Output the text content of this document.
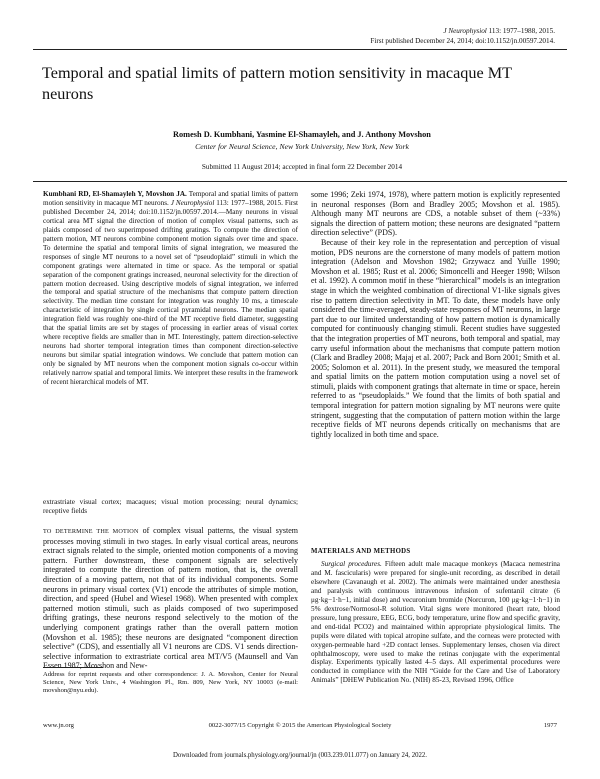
J Neurophysiol 113: 1977–1988, 2015.
First published December 24, 2014; doi:10.1152/jn.00597.2014.
Temporal and spatial limits of pattern motion sensitivity in macaque MT neurons
Romesh D. Kumbhani, Yasmine El-Shamayleh, and J. Anthony Movshon
Center for Neural Science, New York University, New York, New York
Submitted 11 August 2014; accepted in final form 22 December 2014
Kumbhani RD, El-Shamayleh Y, Movshon JA. Temporal and spatial limits of pattern motion sensitivity in macaque MT neurons. J Neurophysiol 113: 1977–1988, 2015. First published December 24, 2014; doi:10.1152/jn.00597.2014.—Many neurons in visual cortical area MT signal the direction of motion of complex visual patterns, such as plaids composed of two superimposed drifting gratings. To compute the direction of pattern motion, MT neurons combine component motion signals over time and space. To determine the spatial and temporal limits of signal integration, we measured the responses of single MT neurons to a novel set of “pseudoplaid” stimuli in which the component gratings were alternated in time or space. As the temporal or spatial separation of the component gratings increased, neuronal selectivity for the direction of pattern motion decreased. Using descriptive models of signal integration, we inferred the temporal and spatial structure of the mechanisms that compute pattern direction selectivity. The median time constant for integration was roughly 10 ms, a timescale characteristic of integration by single cortical pyramidal neurons. The median spatial integration field was roughly one-third of the MT receptive field diameter, suggesting that the spatial limits are set by stages of processing in earlier areas of visual cortex where receptive fields are smaller than in MT. Interestingly, pattern direction-selective neurons had shorter temporal integration times than component direction-selective neurons but similar spatial integration windows. We conclude that pattern motion can only be signaled by MT neurons when the component motion signals co-occur within relatively narrow spatial and temporal limits. We interpret these results in the framework of recent hierarchical models of MT.
extrastriate visual cortex; macaques; visual motion processing; neural dynamics; receptive fields
TO DETERMINE THE MOTION of complex visual patterns, the visual system processes moving stimuli in two stages. In early visual cortical areas, neurons extract signals related to the simple, oriented motion components of a moving pattern. Further downstream, these component signals are selectively integrated to compute the direction of pattern motion, that is, the overall direction of a moving pattern, not that of its individual components. Some neurons in primary visual cortex (V1) encode the attributes of simple motion, direction, and speed (Hubel and Wiesel 1968). When presented with complex patterned motion stimuli, such as plaids composed of two superimposed drifting gratings, these neurons respond selectively to the motion of the underlying component gratings rather than the overall pattern motion (Movshon et al. 1985); these neurons are designated “component direction selective” (CDS), and essentially all V1 neurons are CDS. V1 sends direction-selective information to extrastriate cortical area MT/V5 (Maunsell and Van Essen 1987; Movshon and New-
Address for reprint requests and other correspondence: J. A. Movshon, Center for Neural Science, New York Univ., 4 Washington Pl., Rm. 809, New York, NY 10003 (e-mail: movshon@nyu.edu).

some 1996; Zeki 1974, 1978), where pattern motion is explicitly represented in neuronal responses (Born and Bradley 2005; Movshon et al. 1985). Although many MT neurons are CDS, a notable subset of them (~33%) signals the direction of pattern motion; these neurons are designated “pattern direction selective” (PDS).

Because of their key role in the representation and perception of visual motion, PDS neurons are the cornerstone of many models of pattern motion integration (Adelson and Movshon 1982; Grzywacz and Yuille 1990; Movshon et al. 1985; Rust et al. 2006; Simoncelli and Heeger 1998; Wilson et al. 1992). A common motif in these “hierarchical” models is an integration stage in which the weighted combination of directional V1-like signals gives rise to pattern direction selectivity in MT. To date, these models have only considered the time-averaged, steady-state responses of MT neurons, in large part due to our limited understanding of how pattern motion is dynamically computed for continuously changing stimuli. Recent studies have suggested that the integration properties of MT neurons, both temporal and spatial, may carry useful information about the mechanisms that compute pattern motion (Clark and Bradley 2008; Majaj et al. 2007; Pack and Born 2001; Smith et al. 2005; Solomon et al. 2011). In the present study, we measured the temporal and spatial limits on the pattern motion computation using a novel set of stimuli, plaids with component gratings that alternate in time or space, herein referred to as “pseudoplaids.” We found that the limits of both spatial and temporal integration for pattern motion signaling by MT neurons were quite stringent, suggesting that the computation of pattern motion within the large receptive fields of MT neurons depends critically on mechanisms that are tightly localized in both time and space.

MATERIALS AND METHODS

Surgical procedures. Fifteen adult male macaque monkeys (Macaca nemestrina and M. fascicularis) were prepared for single-unit recording, as described in detail elsewhere (Cavanaugh et al. 2002). The animals were maintained under anesthesia and paralysis with continuous intravenous infusion of sufentanil citrate (6 μg·kg−1·h−1, initial dose) and vecuronium bromide (Norcuron, 100 μg·kg−1·h−1) in 5% dextrose/Normosol-R solution. Vital signs were monitored (heart rate, blood pressure, lung pressure, EEG, ECG, body temperature, urine flow and specific gravity, and end-tidal PCO2) and maintained within appropriate physiological limits. The pupils were dilated with topical atropine sulfate, and the corneas were protected with oxygen-permeable hard +2D contact lenses. Supplementary lenses, chosen via direct ophthalmoscopy, were used to make the retinas conjugate with the experimental display. Experiments typically lasted 4–5 days. All experimental procedures were conducted in compliance with the NIH “Guide for the Care and Use of Laboratory Animals” [DHEW Publication No. (NIH) 85-23, Revised 1996, Office

www.jn.org	0022-3077/15 Copyright © 2015 the American Physiological Society	1977
Downloaded from journals.physiology.org/journal/jn (003.239.011.077) on January 24, 2022.
